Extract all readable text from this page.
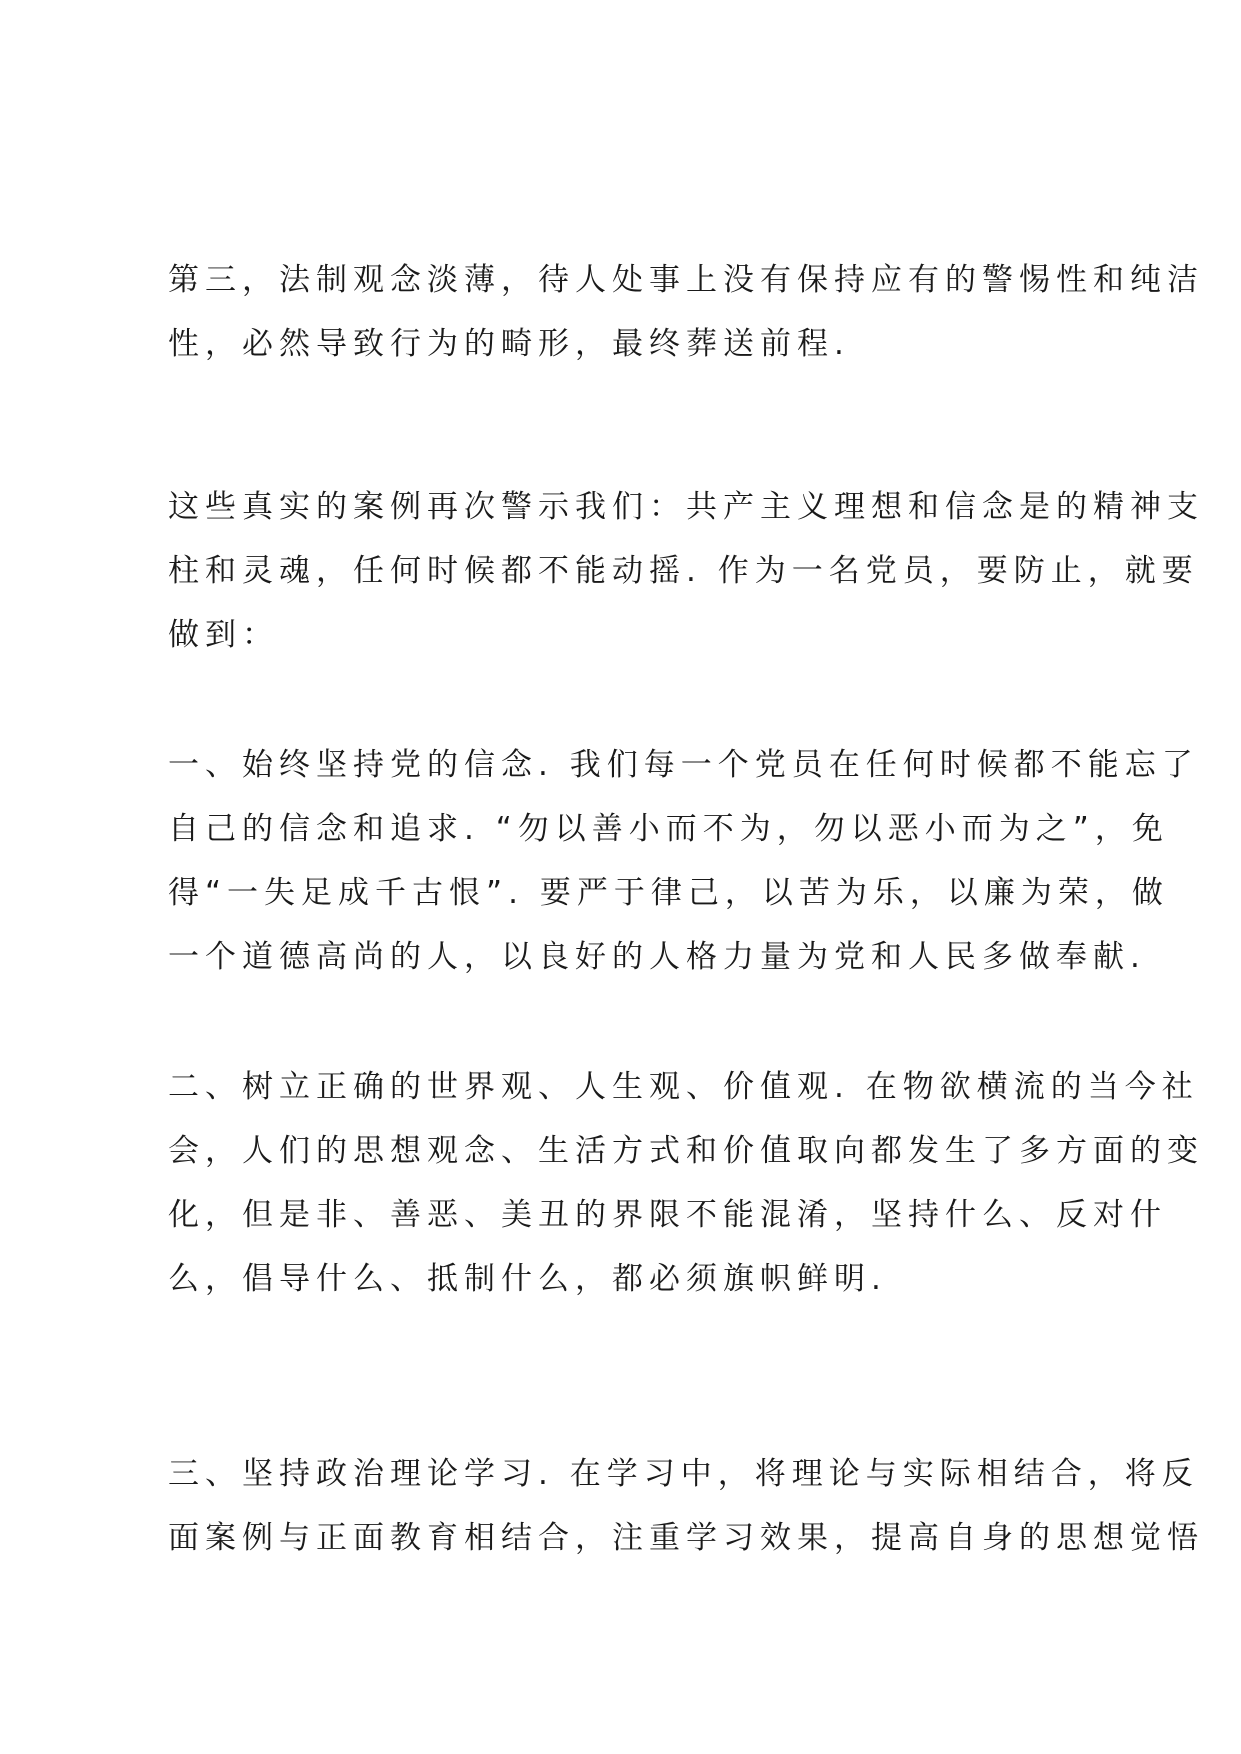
第三，法制观念淡薄，待人处事上没有保持应有的警惕性和纯洁
性，必然导致行为的畸形，最终葬送前程.
这些真实的案例再次警示我们：共产主义理想和信念是的精神支
柱和灵魂，任何时候都不能动摇. 作为一名党员，要防止，就要
做到：
一、始终坚持党的信念. 我们每一个党员在任何时候都不能忘了
自己的信念和追求. “勿以善小而不为，勿以恶小而为之”，免
得“一失足成千古恨”. 要严于律己，以苦为乐，以廉为荣，做
一个道德高尚的人，以良好的人格力量为党和人民多做奉献.
二、树立正确的世界观、人生观、价值观. 在物欲横流的当今社
会，人们的思想观念、生活方式和价值取向都发生了多方面的变
化，但是非、善恶、美丑的界限不能混淆，坚持什么、反对什
么，倡导什么、抵制什么，都必须旗帜鲜明.
三、坚持政治理论学习. 在学习中，将理论与实际相结合，将反
面案例与正面教育相结合，注重学习效果，提高自身的思想觉悟
